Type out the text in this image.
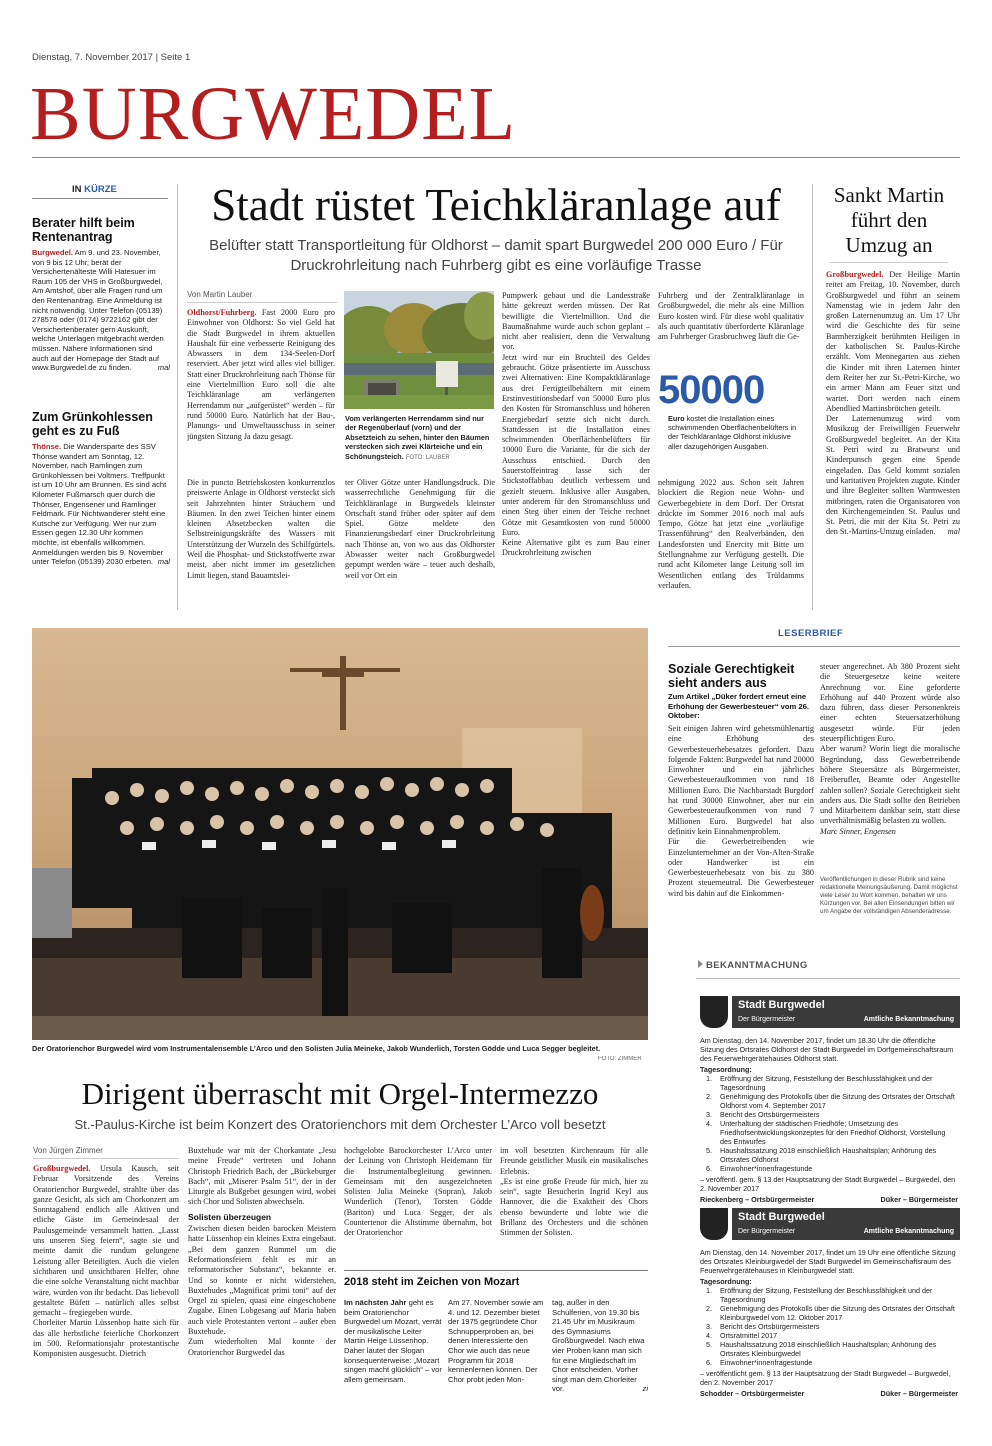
Dienstag, 7. November 2017 | Seite 1
BURGWEDEL
IN KÜRZE
Berater hilft beim Rentenantrag
Burgwedel. Am 9. und 23. November, von 9 bis 12 Uhr, berät der Versichertenälteste Willi Hatesuer im Raum 105 der VHS in Großburgwedel, Am Amtshof, über alle Fragen rund um den Rentenantrag. Eine Anmeldung ist nicht notwendig. Unter Telefon (05139) 278578 oder (0174) 9722162 gibt der Versichertenberater gern Auskunft, welche Unterlagen mitgebracht werden müssen. Nähere Informationen sind auch auf der Homepage der Stadt auf www.Burgwedel.de zu finden.	mal
Zum Grünkohlessen geht es zu Fuß
Thönse. Die Wandersparte des SSV Thönse wandert am Sonntag, 12. November, nach Ramlingen zum Grünkohlessen bei Voltmers. Treffpunkt ist um 10 Uhr am Brunnen. Es sind acht Kilometer Fußmarsch quer durch die Thönser, Engensener und Ramlinger Feldmark. Für Nichtwanderer steht eine Kutsche zur Verfügung. Wer nur zum Essen gegen 12.30 Uhr kommen möchte, ist ebenfalls willkommen. Anmeldungen werden bis 9. November unter Telefon (05139) 2030 erbeten. mal
Stadt rüstet Teichkläranlage auf
Belüfter statt Transportleitung für Oldhorst – damit spart Burgwedel 200 000 Euro / Für Druckrohrleitung nach Fuhrberg gibt es eine vorläufige Trasse
Von Martin Lauber
Oldhorst/Fuhrberg. Fast 2000 Euro pro Einwohner von Oldhorst: So viel Geld hat die Stadt Burgwedel in ihrem aktuellen Haushalt für eine verbesserte Reinigung des Abwassers in dem 134-Seelen-Dorf reserviert. Aber jetzt wird alles viel billiger. Statt einer Druckrohrleitung nach Thönse für eine Viertelmillion Euro soll die alte Teichkläranlage am verlängerten Herrendamm nur „aufgerüstet“ werden – für rund 50000 Euro. Natürlich hat der Bau-, Planungs- und Umweltausschuss in seiner jüngsten Sitzung Ja dazu gesagt.
Die in puncto Betriebskosten konkurrenzlos preiswerte Anlage in Oldhorst versteckt sich seit Jahrzehnten hinter Sträuchern und Bäumen. In den zwei Teichen hinter einem kleinen Absetzbecken walten die Selbstreinigungskräfte des Wassers mit Unterstützung der Wurzeln des Schilfgürtels. Weil die Phosphat- und Stickstoffwerte zwar meist, aber nicht immer im gesetzlichen Limit liegen, stand Bauamtslei-
Vom verlängerten Herrendamm sind nur der Regenüberlauf (vorn) und der Absetzteich zu sehen, hinter den Bäumen verstecken sich zwei Klärteiche und ein Schönungsteich. FOTO: LAUBER
ter Oliver Götze unter Handlungsdruck. Die wasserrechtliche Genehmigung für die Teichkläranlage in Burgwedels kleinster Ortschaft stand früher oder später auf dem Spiel. Götze meldete den Finanzierungsbedarf einer Druckrohrleitung nach Thönse an, von wo aus das Oldhorster Abwasser weiter nach Großburgwedel gepumpt werden wäre – teuer auch deshalb, weil vor Ort ein
Pumpwerk gebaut und die Landesstraße hätte gekreuzt werden müssen. Der Rat bewilligte die Viertelmillion. Und die Baumaßnahme wurde auch schon geplant – nicht aber realisiert, denn die Verwaltung vor.
Jetzt wird nur ein Bruchteil des Geldes gebraucht. Götze präsentierte im Ausschuss zwei Alternativen: Eine Kompaktkläranlage aus drei Fertigteilbehältern mit einem Erstinvestitionsbedarf von 50000 Euro plus den Kosten für Stromanschluss und höheren Energiebedarf setzte sich nicht durch. Stattdessen ist die Installation eines schwimmenden Oberflächenbelüfters für 10000 Euro die Variante, für die sich der Ausschuss entschied. Durch den Sauerstoffeintrag lasse sich der Stickstoffabbau deutlich verbessern und gezielt steuern. Inklusive aller Ausgaben, unter anderem für den Stromanschluss und einen Steg über einen der Teiche rechnet Götze mit Gesamtkosten von rund 50000 Euro.
Keine Alternative gibt es zum Bau einer Druckrohrleitung zwischen
Fuhrberg und der Zentralkläranlage in Großburgwedel, die mehr als eine Million Euro kosten wird. Für diese wohl qualitativ als auch quantitativ überforderte Kläranlage am Fuhrberger Grasbruchweg läuft die Ge-
50000
Euro kostet die Installation eines schwimmenden Oberflächenbelüfters in der Teichkläranlage Oldhorst inklusive aller dazugehörigen Ausgaben.
nehmigung 2022 aus. Schon seit Jahren blockiert die Region neue Wohn- und Gewerbegebiete in dem Dorf. Der Ortsrat drückte im Sommer 2016 noch mal aufs Tempo. Götze hat jetzt eine „vorläufige Trassenführung“ den Realverbänden, den Landesforsten und Enercity mit Bitte um Stellungnahme zur Verfügung gestellt. Die rund acht Kilometer lange Leitung soll im Wesentlichen entlang des Trüldamms verlaufen.
Sankt Martin führt den Umzug an
Großburgwedel. Der Heilige Martin reitet am Freitag, 10. November, durch Großburgwedel und führt an seinem Namenstag wie in jedem Jahr den großen Laternenumzug an. Um 17 Uhr wird die Geschichte des für seine Barmherzigkeit berühmten Heiligen in der katholischen St. Paulus-Kirche erzählt. Vom Mennegarten aus ziehen die Kinder mit ihren Laternen hinter dem Reiter her zur St.-Petri-Kirche, wo ein armer Mann am Feuer sitzt und wartet. Dort werden nach einem Abendlied Martinsbrötchen geteilt.
Der Laternenumzug wird vom Musikzug der Freiwilligen Feuerwehr Großburgwedel begleitet. An der Kita St. Petri wird zu Bratwurst und Kinderpunsch gegen eine Spende eingeladen. Das Geld kommt sozialen und karitativen Projekten zugute. Kinder und ihre Begleiter sollten Warmwesten mitbringen, raten die Organisatoren von den Kirchengemeinden St. Paulus und St. Petri, die mit der Kita St. Petri zu den St.-Martins-Umzug einladen. mal
Der Oratorienchor Burgwedel wird vom Instrumentalensemble L’Arco und den Solisten Julia Meineke, Jakob Wunderlich, Torsten Gödde und Luca Segger begleitet.
FOTO: ZIMMER
Dirigent überrascht mit Orgel-Intermezzo
St.-Paulus-Kirche ist beim Konzert des Oratorienchors mit dem Orchester L’Arco voll besetzt
Von Jürgen Zimmer
Großburgwedel. Ursula Kausch, seit Februar Vorsitzende des Vereins Oratorienchor Burgwedel, strahlte über das ganze Gesicht, als sich am Chorkonzert am Sonntagabend endlich alle Aktiven und etliche Gäste im Gemeindesaal der Paulusgemeinde versammelt hatten. „Lasst uns unseren Sieg feiern“, sagte sie und meinte damit die rundum gelungene Leistung aller Beteiligten. Auch die vielen sichtbaren und unsichtbaren Helfer, ohne die eine solche Veranstaltung nicht machbar wäre, wurden von ihr bedacht. Das liebevoll gestaltete Büfett – natürlich alles selbst gemacht – fregiegeben wurde.
Chorleiter Martin Lüssenhop hatte sich für das alle herbstliche feierliche Chorkonzert im 500. Reformationsjahr protestantische Komponisten ausgesucht. Dietrich
Buxtehude war mit der Chorkantate „Jesu meine Freude“ vertreten und Johann Christoph Friedrich Bach, der „Bückeburger Bach“, mit „Miserer Psalm 51“, der in der Liturgie als Bußgebet gesungen wird, wobei sich Chor und Solisten abwechseln.
Solisten überzeugen
Zwischen diesen beiden barocken Meistern hatte Lüssenhop ein kleines Extra eingebaut. „Bei dem ganzen Rummel um die Reformationsfeiern fehlt es mir an reformatorischer Substanz“, bekannte er. Und so konnte er nicht widerstehen, Buxtehudes „Magnificat primi toni“ auf der Orgel zu spielen, quasi eine eingeschobene Zugabe. Einen Lobgesang auf Maria haben auch viele Protestanten vertont – außer eben Buxtehude.
Zum wiederholten Mal konnte der Oratorienchor Burgwedel das
hochgelobte Barockorchester L’Arco unter der Leitung von Christoph Heidemann für die Instrumentalbegleitung gewinnen. Gemeinsam mit den ausgezeichneten Solisten Julia Meineke (Sopran), Jakob Wunderlich (Tenor), Torsten Gödde (Bariton) und Luca Segger, der als Countertenor die Altstimme übernahm, bot der Oratorienchor
im voll besetzten Kirchenraum für alle Freunde geistlicher Musik ein musikalisches Erlebnis.
„Es ist eine große Freude für mich, hier zu sein“, sagte Besucherin Ingrid Keyl aus Hannover, die die Exaktheit des Chors ebenso bewunderte und lobte wie die Brillanz des Orchesters und die schönen Stimmen der Solisten.
2018 steht im Zeichen von Mozart
Im nächsten Jahr geht es beim Oratorienchor Burgwedel um Mozart, verrät der musikalische Leiter Martin Heige Lüssenhop. Daher lautet der Slogan konsequenterweise: „Mozart singen macht glücklich“ – vor allem gemeinsam.
Am 27. November sowie am 4. und 12. Dezember bietet der 1975 gegründete Chor Schnupperproben an, bei denen Interessierte den Chor wie auch das neue Programm für 2018 kennenlernen können. Der Chor probt jeden Mon-
tag, außer in den Schulferien, von 19.30 bis 21.45 Uhr im Musikraum des Gymnasiums Großburgwedel. Nach etwa vier Proben kann man sich für eine Mitgliedschaft im Chor entscheiden. Vorher singt man dem Chorleiter vor.	zi
LESERBRIEF
Soziale Gerechtigkeit sieht anders aus
Zum Artikel „Düker fordert erneut eine Erhöhung der Gewerbesteuer“ vom 26. Oktober:
Seit einigen Jahren wird gebetsmühlenartig eine Erhöhung des Gewerbesteuerhebesatzes gefordert. Dazu folgende Fakten: Burgwedel hat rund 20000 Einwohner und ein jährliches Gewerbesteueraufkommen von rund 18 Millionen Euro. Die Nachbarstadt Burgdorf hat rund 30000 Einwohner, aber nur ein Gewerbesteueraufkommen von rund 7 Millionen Euro. Burgwedel hat also definitiv kein Einnahmenproblem.
Für die Gewerbetreibenden wie Einzelunternehmer an der Von-Alten-Straße oder Handwerker ist ein Gewerbesteuerhebesatz von bis zu 380 Prozent steuerneutral. Die Gewerbesteuer wird bis dahin auf die Einkommen-
steuer angerechnet. Ab 380 Prozent sieht die Steuergesetze keine weitere Anrechnung vor. Eine geforderte Erhöhung auf 440 Prozent würde also dazu führen, dass dieser Personenkreis einer echten Steuersatzerhöhung ausgesetzt würde. Für jeden steuerpflichtigen Euro.
Aber warum? Worin liegt die moralische Begründung, dass Gewerbetreibende höhere Steuersätze als Bürgermeister, Freiberufler, Beamte oder Angestellte zahlen sollen? Soziale Gerechtigkeit sieht anders aus. Die Stadt sollte den Betrieben und Mitarbeitern dankbar sein, statt diese unverhältnismäßig belasten zu wollen.
Marc Sinner, Engensen
Veröffentlichungen in dieser Rubrik sind keine redaktionelle Meinungsäußerung. Damit möglichst viele Leser zu Wort kommen, behalten wir uns Kürzungen vor. Bei allen Einsendungen bitten wir um Angabe der vollständigen Absenderadresse.
BEKANNTMACHUNG
Stadt Burgwedel
Der Bürgermeister	Amtliche Bekanntmachung
Am Dienstag, den 14. November 2017, findet um 18.30 Uhr die öffentliche Sitzung des Ortsrates Oldhorst der Stadt Burgwedel im Dorfgemeinschaftsraum des Feuerwehrgerätehauses Oldhorst statt.
Tagesordnung:
1.	Eröffnung der Sitzung, Feststellung der Beschlussfähigkeit und der Tagesordnung
2.	Genehmigung des Protokolls über die Sitzung des Ortsrates der Ortschaft Oldhorst vom 4. September 2017
3.	Bericht des Ortsbürgermeisters
4.	Unterhaltung der städtischen Friedhöfe; Umsetzung des Friedhofsentwicklungskonzeptes für den Friedhof Oldhorst, Vorstellung des Entwurfes
5.	Haushaltssatzung 2018 einschließlich Haushaltsplan; Anhörung des Ortsrates Oldhorst
6.	Einwohner*innenfragestunde
– veröffentl. gem. § 13 der Hauptsatzung der Stadt Burgwedel – Burgwedel, den 2. November 2017
Rieckenberg – Ortsbürgermeister	Düker – Bürgermeister
Stadt Burgwedel
Der Bürgermeister	Amtliche Bekanntmachung
Am Dienstag, den 14. November 2017, findet um 19 Uhr eine öffentliche Sitzung des Ortsrates Kleinburgwedel der Stadt Burgwedel im Gemeinschaftsraum des Feuerwehrgerätehauses in Kleinburgwedel statt.
Tagesordnung:
1.	Eröffnung der Sitzung, Feststellung der Beschlussfähigkeit und der Tagesordnung
2.	Genehmigung des Protokolls über die Sitzung des Ortsrates der Ortschaft Kleinburgwedel vom 12. Oktober 2017
3.	Bericht des Ortsbürgermeisters
4.	Ortsratmittel 2017
5.	Haushaltssatzung 2018 einschließlich Haushaltsplan; Anhörung des Ortsrates Kleinburgwedel
6.	Einwohner*innenfragestunde
– veröffentlicht gem. § 13 der Hauptsatzung der Stadt Burgwedel – Burgwedel, den 2. November 2017
Schodder – Ortsbürgermeister	Düker – Bürgermeister
